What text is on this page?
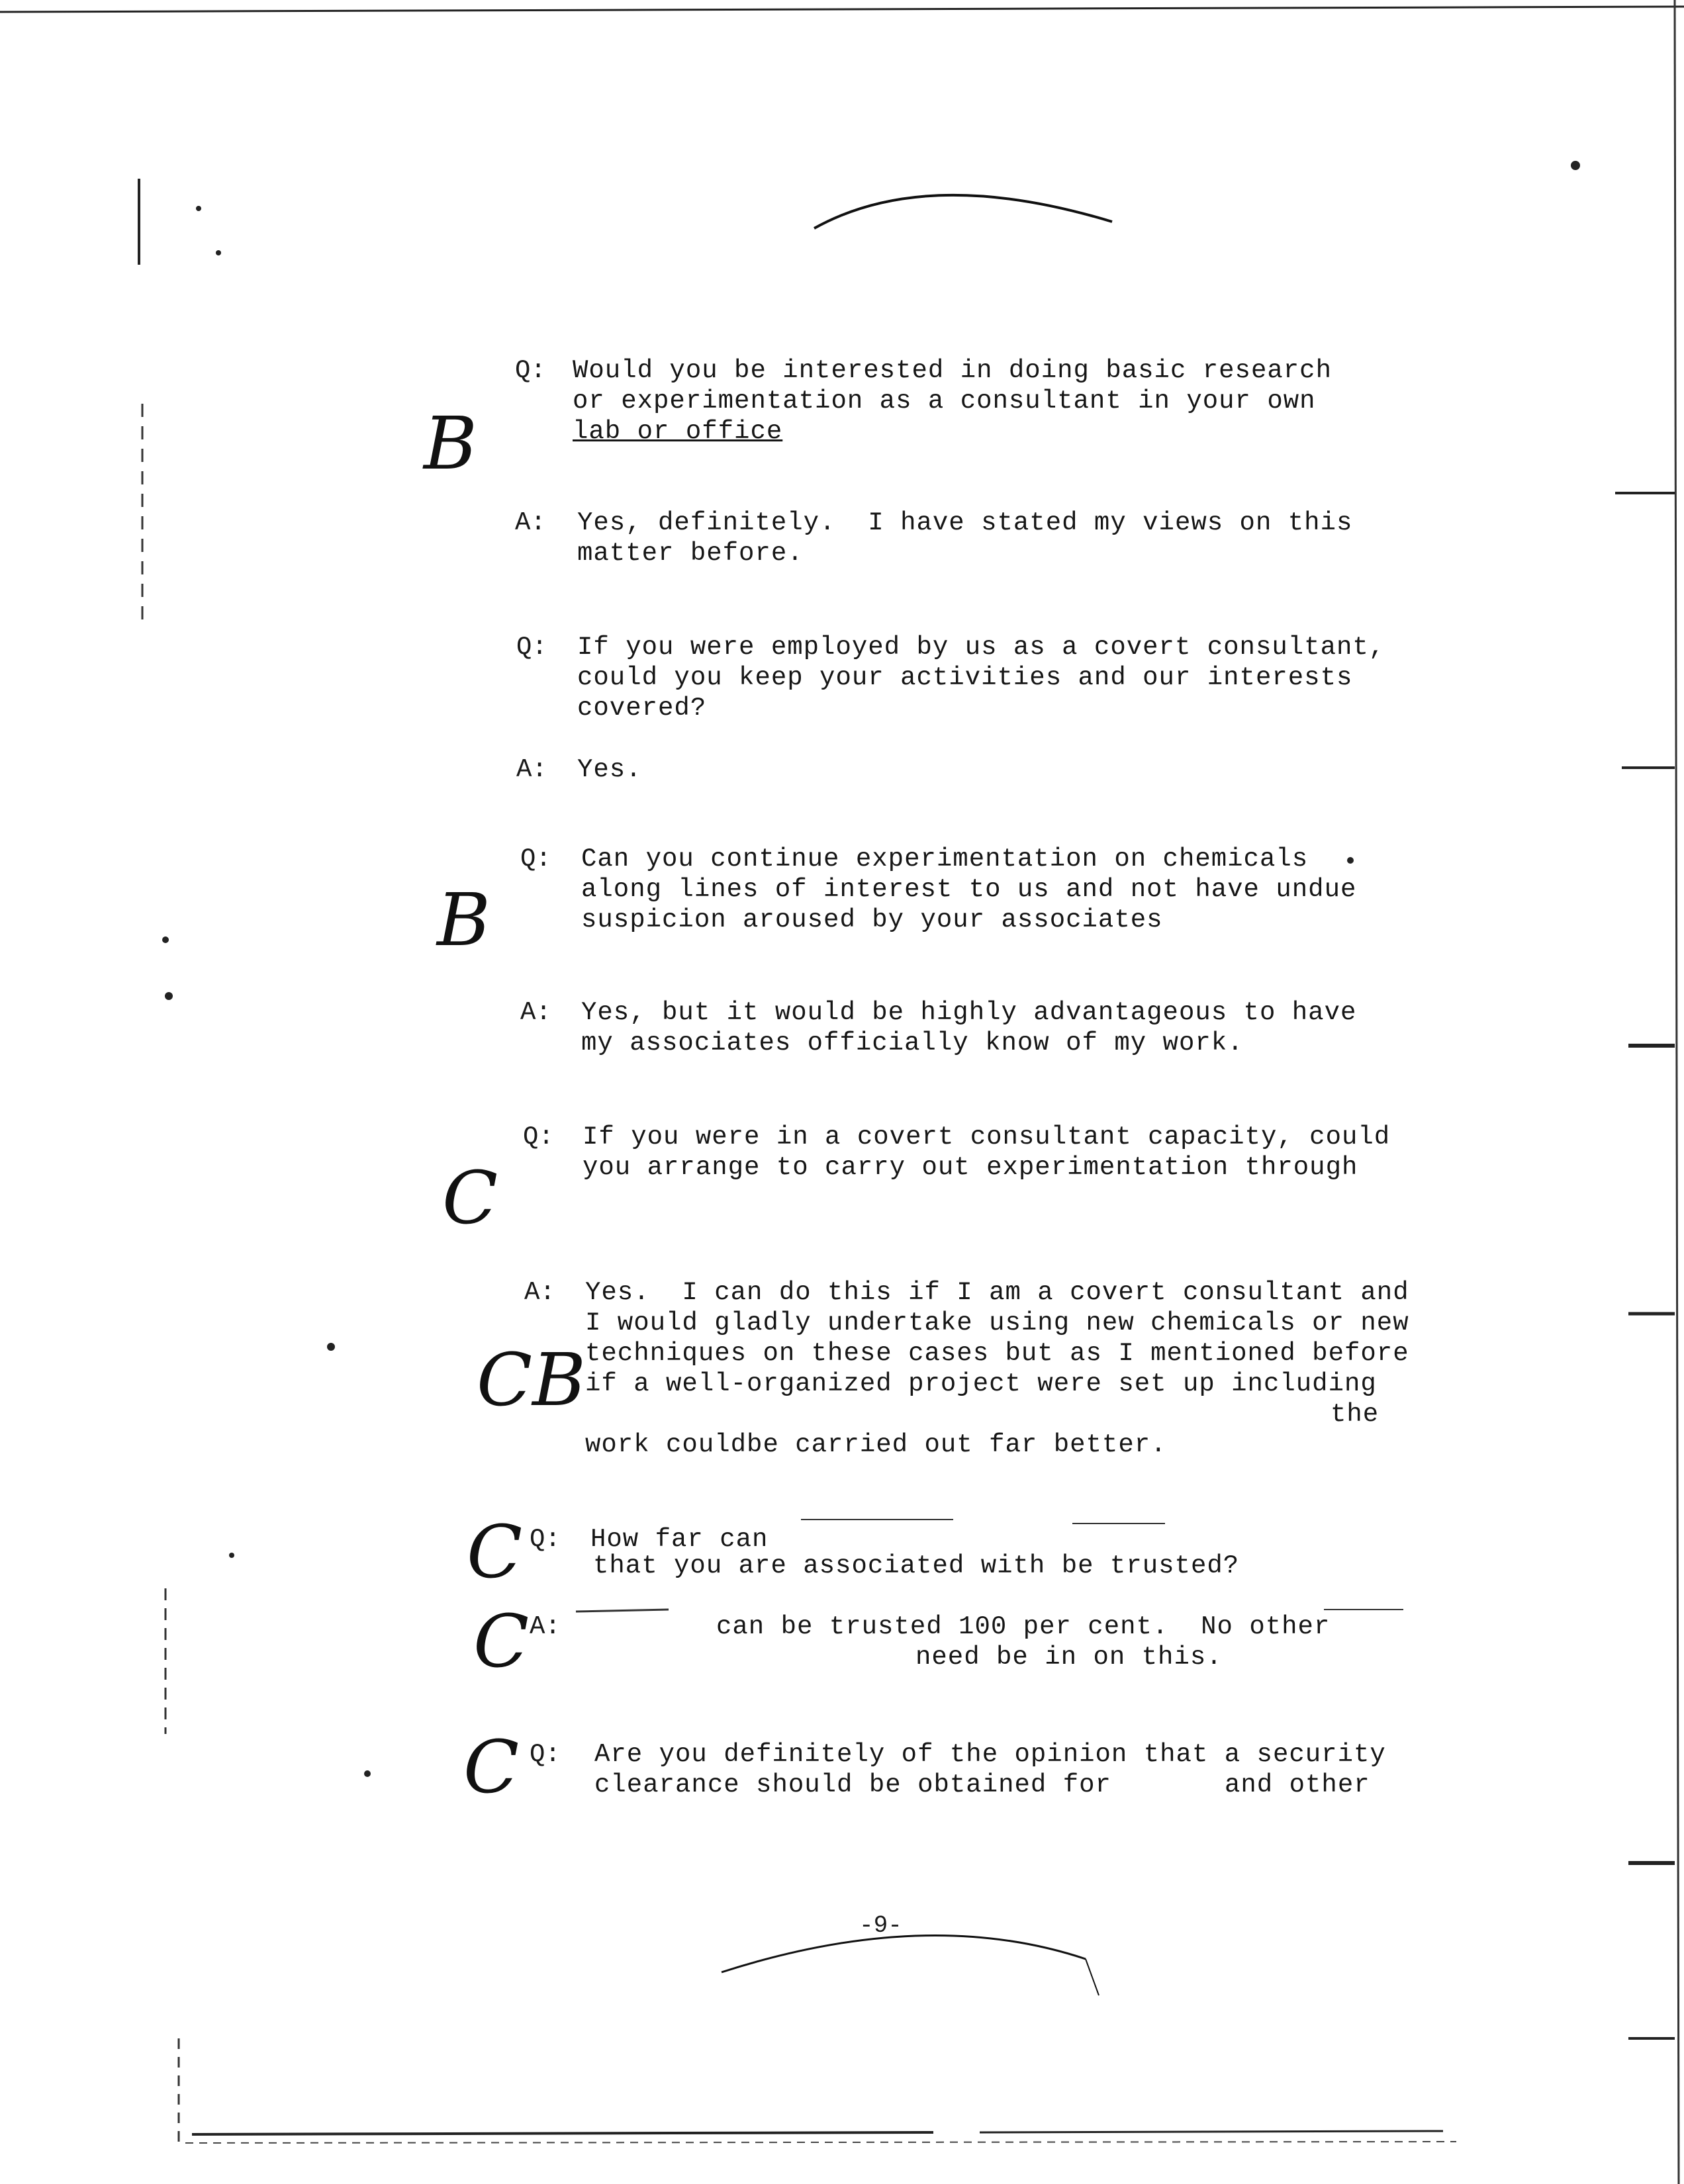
Q: Would you be interested in doing basic research
or experimentation as a consultant in your own
lab or office
A: Yes, definitely.  I have stated my views on this
matter before.
Q: If you were employed by us as a covert consultant,
could you keep your activities and our interests
covered?
A: Yes.
Q: Can you continue experimentation on chemicals
along lines of interest to us and not have undue
suspicion aroused by your associates
A: Yes, but it would be highly advantageous to have
my associates officially know of my work.
Q: If you were in a covert consultant capacity, could
you arrange to carry out experimentation through
A: Yes.  I can do this if I am a covert consultant and
I would gladly undertake using new chemicals or new
techniques on these cases but as I mentioned before
if a well-organized project were set up including
the
work couldbe carried out far better.
Q: How far can
that you are associated with be trusted?
A:	can be trusted 100 per cent.  No other
need be in on this.
Q: Are you definitely of the opinion that a security
clearance should be obtained for	and other
B
B
C
CB
C
C
C
-9-
